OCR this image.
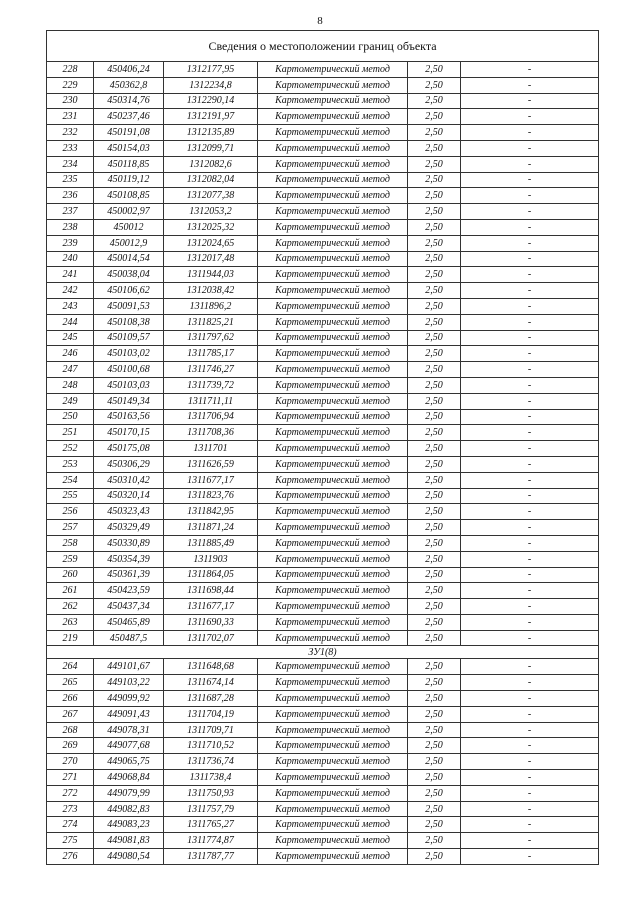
8
Сведения о местоположении границ объекта					
228	450406,24	1312177,95	Картометрический метод	2,50	-
229	450362,8	1312234,8	Картометрический метод	2,50	-
230	450314,76	1312290,14	Картометрический метод	2,50	-
231	450237,46	1312191,97	Картометрический метод	2,50	-
232	450191,08	1312135,89	Картометрический метод	2,50	-
233	450154,03	1312099,71	Картометрический метод	2,50	-
234	450118,85	1312082,6	Картометрический метод	2,50	-
235	450119,12	1312082,04	Картометрический метод	2,50	-
236	450108,85	1312077,38	Картометрический метод	2,50	-
237	450002,97	1312053,2	Картометрический метод	2,50	-
238	450012	1312025,32	Картометрический метод	2,50	-
239	450012,9	1312024,65	Картометрический метод	2,50	-
240	450014,54	1312017,48	Картометрический метод	2,50	-
241	450038,04	1311944,03	Картометрический метод	2,50	-
242	450106,62	1312038,42	Картометрический метод	2,50	-
243	450091,53	1311896,2	Картометрический метод	2,50	-
244	450108,38	1311825,21	Картометрический метод	2,50	-
245	450109,57	1311797,62	Картометрический метод	2,50	-
246	450103,02	1311785,17	Картометрический метод	2,50	-
247	450100,68	1311746,27	Картометрический метод	2,50	-
248	450103,03	1311739,72	Картометрический метод	2,50	-
249	450149,34	1311711,11	Картометрический метод	2,50	-
250	450163,56	1311706,94	Картометрический метод	2,50	-
251	450170,15	1311708,36	Картометрический метод	2,50	-
252	450175,08	1311701	Картометрический метод	2,50	-
253	450306,29	1311626,59	Картометрический метод	2,50	-
254	450310,42	1311677,17	Картометрический метод	2,50	-
255	450320,14	1311823,76	Картометрический метод	2,50	-
256	450323,43	1311842,95	Картометрический метод	2,50	-
257	450329,49	1311871,24	Картометрический метод	2,50	-
258	450330,89	1311885,49	Картометрический метод	2,50	-
259	450354,39	1311903	Картометрический метод	2,50	-
260	450361,39	1311864,05	Картометрический метод	2,50	-
261	450423,59	1311698,44	Картометрический метод	2,50	-
262	450437,34	1311677,17	Картометрический метод	2,50	-
263	450465,89	1311690,33	Картометрический метод	2,50	-
219	450487,5	1311702,07	Картометрический метод	2,50	-
ЗУ1(8)					
264	449101,67	1311648,68	Картометрический метод	2,50	-
265	449103,22	1311674,14	Картометрический метод	2,50	-
266	449099,92	1311687,28	Картометрический метод	2,50	-
267	449091,43	1311704,19	Картометрический метод	2,50	-
268	449078,31	1311709,71	Картометрический метод	2,50	-
269	449077,68	1311710,52	Картометрический метод	2,50	-
270	449065,75	1311736,74	Картометрический метод	2,50	-
271	449068,84	1311738,4	Картометрический метод	2,50	-
272	449079,99	1311750,93	Картометрический метод	2,50	-
273	449082,83	1311757,79	Картометрический метод	2,50	-
274	449083,23	1311765,27	Картометрический метод	2,50	-
275	449081,83	1311774,87	Картометрический метод	2,50	-
276	449080,54	1311787,77	Картометрический метод	2,50	-
